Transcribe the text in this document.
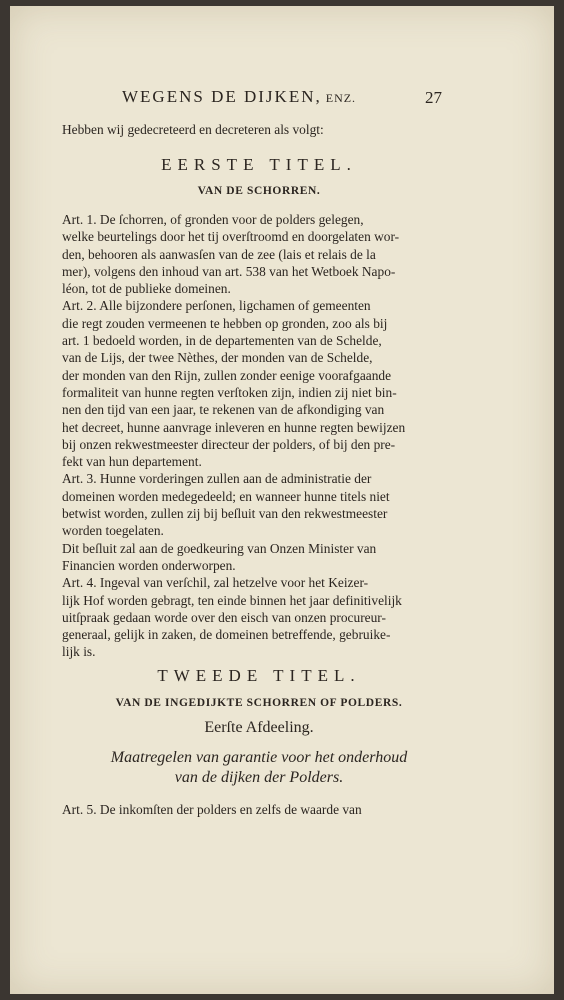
WEGENS DE DIJKEN, ENZ.	27
Hebben wij gedecreteerd en decreteren als volgt:
EERSTE TITEL.
VAN DE SCHORREN.
Art. 1. De ſchorren, of gronden voor de polders gelegen,
welke beurtelings door het tij overſtroomd en doorgelaten wor-
den, behooren als aanwasſen van de zee (lais et relais de la
mer), volgens den inhoud van art. 538 van het Wetboek Napo-
léon, tot de publieke domeinen.
Art. 2. Alle bijzondere perſonen, ligchamen of gemeenten
die regt zouden vermeenen te hebben op gronden, zoo als bij
art. 1 bedoeld worden, in de departementen van de Schelde,
van de Lijs, der twee Nèthes, der monden van de Schelde,
der monden van den Rijn, zullen zonder eenige voorafgaande
formaliteit van hunne regten verſtoken zijn, indien zij niet bin-
nen den tijd van een jaar, te rekenen van de afkondiging van
het decreet, hunne aanvrage inleveren en hunne regten bewijzen
bij onzen rekwestmeester directeur der polders, of bij den pre-
fekt van hun departement.
Art. 3. Hunne vorderingen zullen aan de administratie der
domeinen worden medegedeeld; en wanneer hunne titels niet
betwist worden, zullen zij bij beſluit van den rekwestmeester
worden toegelaten.
Dit beſluit zal aan de goedkeuring van Onzen Minister van
Financien worden onderworpen.
Art. 4. Ingeval van verſchil, zal hetzelve voor het Keizer-
lijk Hof worden gebragt, ten einde binnen het jaar definitivelijk
uitſpraak gedaan worde over den eisch van onzen procureur-
generaal, gelijk in zaken, de domeinen betreffende, gebruike-
lijk is.
TWEEDE TITEL.
VAN DE INGEDIJKTE SCHORREN OF POLDERS.
Eerſte Afdeeling.
Maatregelen van garantie voor het onderhoud
van de dijken der Polders.
Art. 5. De inkomſten der polders en zelfs de waarde van
